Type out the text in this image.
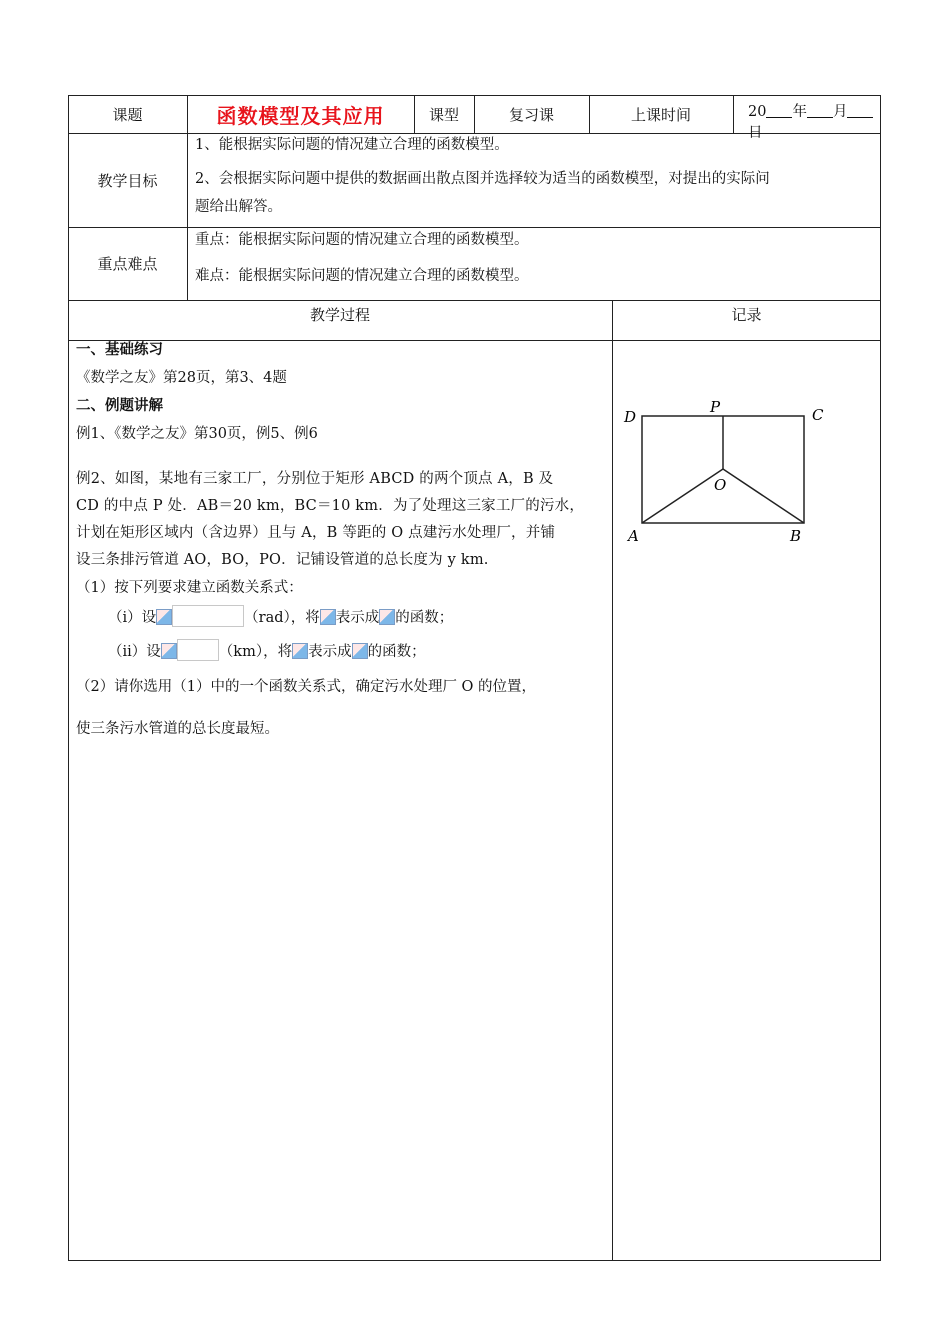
课题	函数模型及其应用	课型	复习课	上课时间	20 年 月日
教学目标
1、能根据实际问题的情况建立合理的函数模型。
2、会根据实际问题中提供的数据画出散点图并选择较为适当的函数模型，对提出的实际问
题给出解答。
重点难点
重点：能根据实际问题的情况建立合理的函数模型。
难点：能根据实际问题的情况建立合理的函数模型。
教学过程	记录
一、基础练习
《数学之友》第28页，第3、4题
二、例题讲解
例1、《数学之友》第30页，例5、例6
例2、如图，某地有三家工厂，分别位于矩形 ABCD 的两个顶点 A，B 及
CD 的中点 P 处．AB＝20 km，BC＝10 km．为了处理这三家工厂的污水，
计划在矩形区域内（含边界）且与 A，B 等距的 O 点建污水处理厂，并铺
设三条排污管道 AO，BO，PO．记铺设管道的总长度为 y km.
（1）按下列要求建立函数关系式：
（i）设	（rad），将 表示成 的函数；
（ii）设	（km），将 表示成 的函数；
（2）请你选用（1）中的一个函数关系式，确定污水处理厂 O 的位置，
使三条污水管道的总长度最短。
D
P	C
O
A	B
